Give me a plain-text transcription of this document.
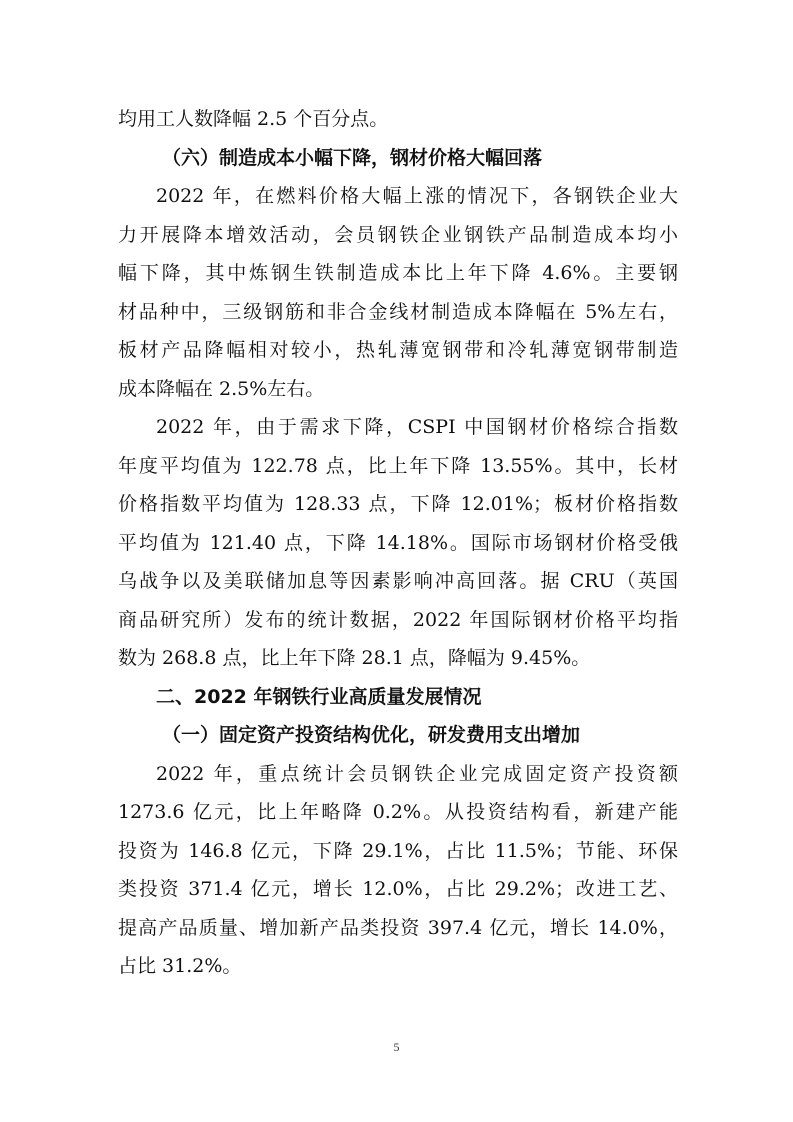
均用工人数降幅 2.5 个百分点。
（六）制造成本小幅下降，钢材价格大幅回落
2022 年，在燃料价格大幅上涨的情况下，各钢铁企业大
力开展降本增效活动，会员钢铁企业钢铁产品制造成本均小
幅下降，其中炼钢生铁制造成本比上年下降 4.6%。主要钢
材品种中，三级钢筋和非合金线材制造成本降幅在 5%左右，
板材产品降幅相对较小，热轧薄宽钢带和冷轧薄宽钢带制造
成本降幅在 2.5%左右。
2022 年，由于需求下降，CSPI 中国钢材价格综合指数
年度平均值为 122.78 点，比上年下降 13.55%。其中，长材
价格指数平均值为 128.33 点，下降 12.01%；板材价格指数
平均值为 121.40 点，下降 14.18%。国际市场钢材价格受俄
乌战争以及美联储加息等因素影响冲高回落。据 CRU（英国
商品研究所）发布的统计数据，2022 年国际钢材价格平均指
数为 268.8 点，比上年下降 28.1 点，降幅为 9.45%。
二、2022 年钢铁行业高质量发展情况
（一）固定资产投资结构优化，研发费用支出增加
2022 年，重点统计会员钢铁企业完成固定资产投资额
1273.6 亿元，比上年略降 0.2%。从投资结构看，新建产能
投资为 146.8 亿元，下降 29.1%，占比 11.5%；节能、环保
类投资 371.4 亿元，增长 12.0%，占比 29.2%；改进工艺、
提高产品质量、增加新产品类投资 397.4 亿元，增长 14.0%，
占比 31.2%。
5
